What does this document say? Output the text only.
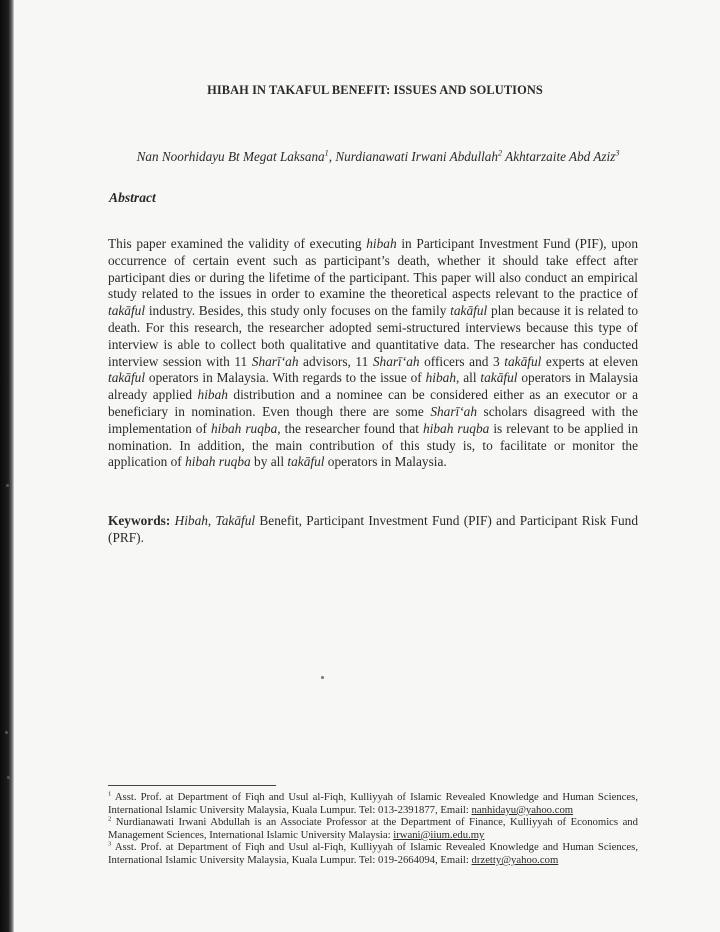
HIBAH IN TAKAFUL BENEFIT: ISSUES AND SOLUTIONS
Nan Noorhidayu Bt Megat Laksana$^1$, Nurdianawati Irwani Abdullah$^2$ Akhtarzaite Abd Aziz$^3$
Abstract
This paper examined the validity of executing hibah in Participant Investment Fund (PIF), upon occurrence of certain event such as participant’s death, whether it should take effect after participant dies or during the lifetime of the participant. This paper will also conduct an empirical study related to the issues in order to examine the theoretical aspects relevant to the practice of takāful industry. Besides, this study only focuses on the family takāful plan because it is related to death. For this research, the researcher adopted semi-structured interviews because this type of interview is able to collect both qualitative and quantitative data. The researcher has conducted interview session with 11 Sharī‘ah advisors, 11 Sharī‘ah officers and 3 takāful experts at eleven takāful operators in Malaysia. With regards to the issue of hibah, all takāful operators in Malaysia already applied hibah distribution and a nominee can be considered either as an executor or a beneficiary in nomination. Even though there are some Sharī‘ah scholars disagreed with the implementation of hibah ruqba, the researcher found that hibah ruqba is relevant to be applied in nomination. In addition, the main contribution of this study is, to facilitate or monitor the application of hibah ruqba by all takāful operators in Malaysia.
Keywords: Hibah, Takāful Benefit, Participant Investment Fund (PIF) and Participant Risk Fund (PRF).

$^1$ Asst. Prof. at Department of Fiqh and Usul al-Fiqh, Kulliyyah of Islamic Revealed Knowledge and Human Sciences, International Islamic University Malaysia, Kuala Lumpur. Tel: 013-2391877, Email: nanhidayu@yahoo.com

$^2$ Nurdianawati Irwani Abdullah is an Associate Professor at the Department of Finance, Kulliyyah of Economics and Management Sciences, International Islamic University Malaysia: irwani@iium.edu.my

$^3$ Asst. Prof. at Department of Fiqh and Usul al-Fiqh, Kulliyyah of Islamic Revealed Knowledge and Human Sciences, International Islamic University Malaysia, Kuala Lumpur. Tel: 019-2664094, Email: drzetty@yahoo.com
